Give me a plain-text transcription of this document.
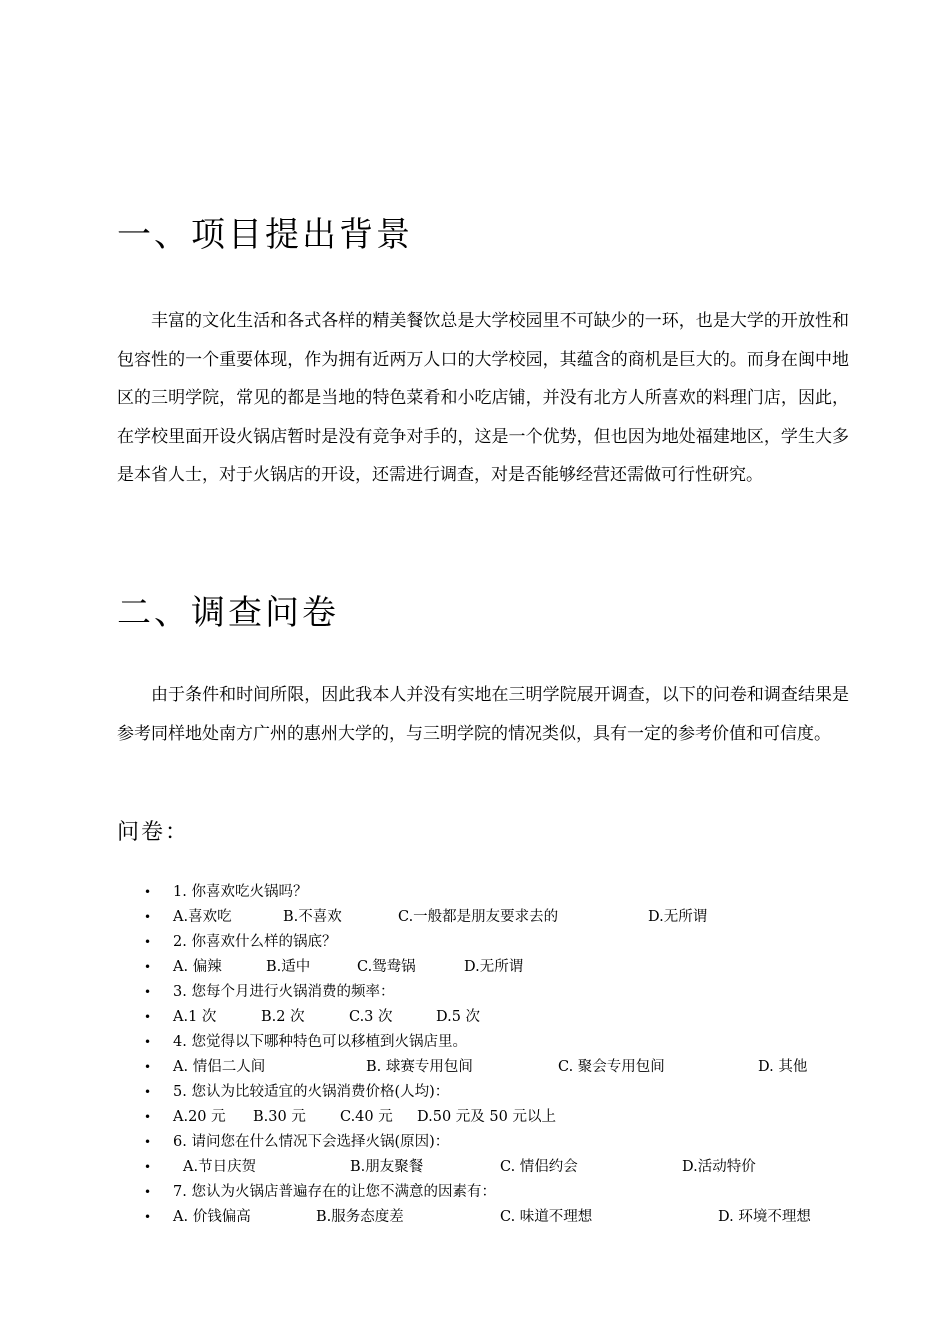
一、项目提出背景

丰富的文化生活和各式各样的精美餐饮总是大学校园里不可缺少的一环，也是大学的开放性和包容性的一个重要体现，作为拥有近两万人口的大学校园，其蕴含的商机是巨大的。而身在闽中地区的三明学院，常见的都是当地的特色菜肴和小吃店铺，并没有北方人所喜欢的料理门店，因此，在学校里面开设火锅店暂时是没有竞争对手的，这是一个优势，但也因为地处福建地区，学生大多是本省人士，对于火锅店的开设，还需进行调查，对是否能够经营还需做可行性研究。

二、调查问卷

由于条件和时间所限，因此我本人并没有实地在三明学院展开调查，以下的问卷和调查结果是参考同样地处南方广州的惠州大学的，与三明学院的情况类似，具有一定的参考价值和可信度。

问卷：
• 1. 你喜欢吃火锅吗？
• A.喜欢吃	B.不喜欢	C.一般都是朋友要求去的	D.无所谓
• 2. 你喜欢什么样的锅底？
• A. 偏辣	B.适中	C.鸳鸯锅	D.无所谓
• 3. 您每个月进行火锅消费的频率：
• A.1 次	B.2 次	C.3 次	D.5 次
• 4. 您觉得以下哪种特色可以移植到火锅店里。
• A. 情侣二人间	B. 球赛专用包间	C. 聚会专用包间	D. 其他
• 5. 您认为比较适宜的火锅消费价格(人均)：
• A.20 元 B.30 元 C.40 元 D.50 元及 50 元以上
• 6. 请问您在什么情况下会选择火锅(原因)：
• A.节日庆贺	B.朋友聚餐	C. 情侣约会	D.活动特价
• 7. 您认为火锅店普遍存在的让您不满意的因素有：
• A. 价钱偏高	B.服务态度差	C. 味道不理想	D. 环境不理想
